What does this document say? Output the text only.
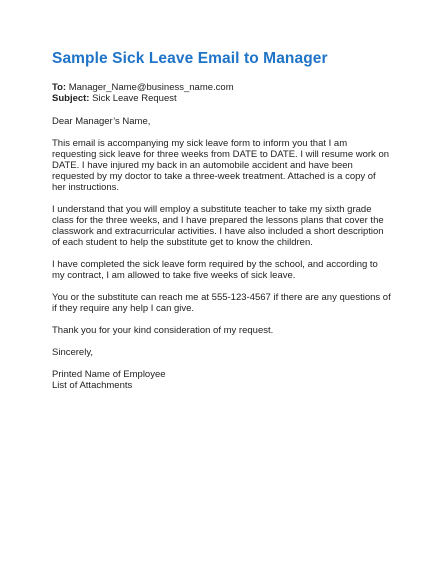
Sample Sick Leave Email to Manager
To: Manager_Name@business_name.com
Subject: Sick Leave Request
Dear Manager’s Name,
This email is accompanying my sick leave form to inform you that I am requesting sick leave for three weeks from DATE to DATE. I will resume work on DATE. I have injured my back in an automobile accident and have been requested by my doctor to take a three-week treatment. Attached is a copy of her instructions.
I understand that you will employ a substitute teacher to take my sixth grade class for the three weeks, and I have prepared the lessons plans that cover the classwork and extracurricular activities. I have also included a short description of each student to help the substitute get to know the children.
I have completed the sick leave form required by the school, and according to my contract, I am allowed to take five weeks of sick leave.
You or the substitute can reach me at 555-123-4567 if there are any questions of if they require any help I can give.
Thank you for your kind consideration of my request.
Sincerely,
Printed Name of Employee
List of Attachments
